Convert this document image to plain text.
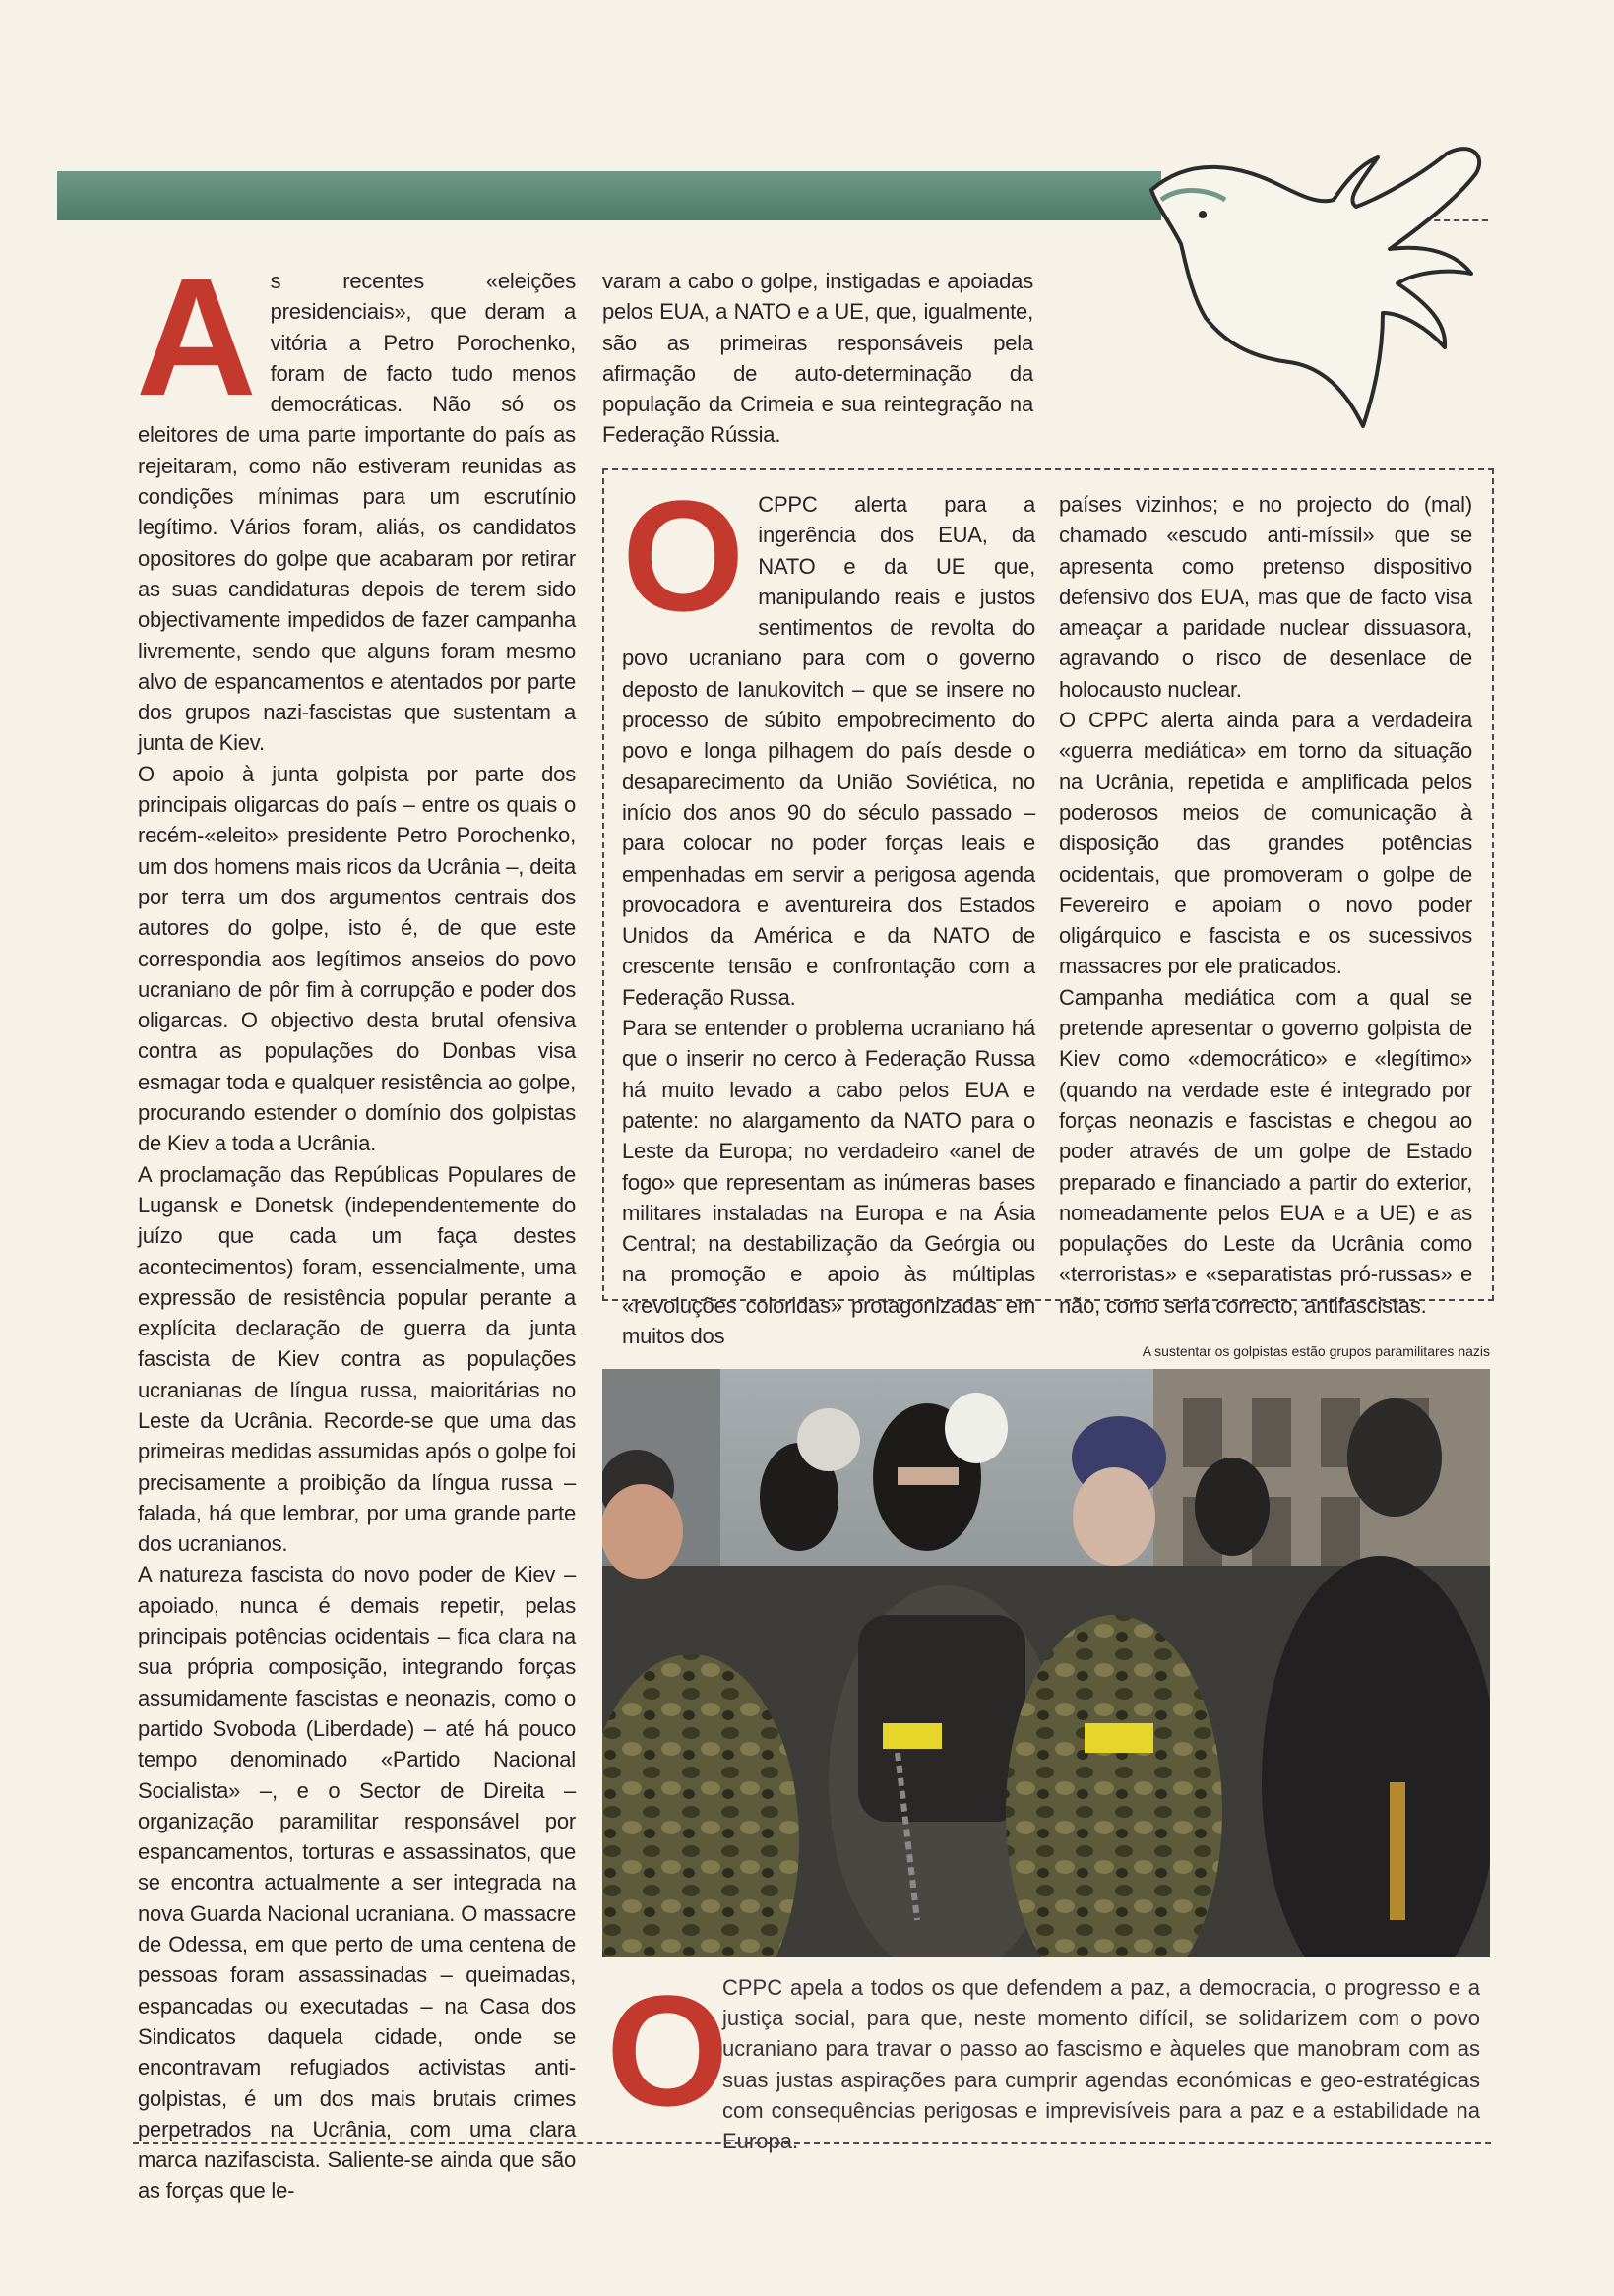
A s recentes «eleições presidenciais», que deram a vitória a Petro Porochenko, foram de facto tudo menos democráticas. Não só os eleitores de uma parte importante do país as rejeitaram, como não estiveram reunidas as condições mínimas para um escrutínio legítimo. Vários foram, aliás, os candidatos opositores do golpe que acabaram por retirar as suas candidaturas depois de terem sido objectivamente impedidos de fazer campanha livremente, sendo que alguns foram mesmo alvo de espancamentos e atentados por parte dos grupos nazi-fascistas que sustentam a junta de Kiev.

O apoio à junta golpista por parte dos principais oligarcas do país – entre os quais o recém-«eleito» presidente Petro Porochenko, um dos homens mais ricos da Ucrânia –, deita por terra um dos argumentos centrais dos autores do golpe, isto é, de que este correspondia aos legítimos anseios do povo ucraniano de pôr fim à corrupção e poder dos oligarcas. O objectivo desta brutal ofensiva contra as populações do Donbas visa esmagar toda e qualquer resistência ao golpe, procurando estender o domínio dos golpistas de Kiev a toda a Ucrânia.

A proclamação das Repúblicas Populares de Lugansk e Donetsk (independentemente do juízo que cada um faça destes acontecimentos) foram, essencialmente, uma expressão de resistência popular perante a explícita declaração de guerra da junta fascista de Kiev contra as populações ucranianas de língua russa, maioritárias no Leste da Ucrânia. Recorde-se que uma das primeiras medidas assumidas após o golpe foi precisamente a proibição da língua russa – falada, há que lembrar, por uma grande parte dos ucranianos.

A natureza fascista do novo poder de Kiev – apoiado, nunca é demais repetir, pelas principais potências ocidentais – fica clara na sua própria composição, integrando forças assumidamente fascistas e neonazis, como o partido Svoboda (Liberdade) – até há pouco tempo denominado «Partido Nacional Socialista» –, e o Sector de Direita – organização paramilitar responsável por espancamentos, torturas e assassinatos, que se encontra actualmente a ser integrada na nova Guarda Nacional ucraniana. O massacre de Odessa, em que perto de uma centena de pessoas foram assassinadas – queimadas, espancadas ou executadas – na Casa dos Sindicatos daquela cidade, onde se encontravam refugiados activistas anti-golpistas, é um dos mais brutais crimes perpetrados na Ucrânia, com uma clara marca nazifascista. Saliente-se ainda que são as forças que le-

varam a cabo o golpe, instigadas e apoiadas pelos EUA, a NATO e a UE, que, igualmente, são as primeiras responsáveis pela afirmação de auto-determinação da população da Crimeia e sua reintegração na Federação Rússia.

O CPPC alerta para a ingerência dos EUA, da NATO e da UE que, manipulando reais e justos sentimentos de revolta do povo ucraniano para com o governo deposto de Ianukovitch – que se insere no processo de súbito empobrecimento do povo e longa pilhagem do país desde o desaparecimento da União Soviética, no início dos anos 90 do século passado – para colocar no poder forças leais e empenhadas em servir a perigosa agenda provocadora e aventureira dos Estados Unidos da América e da NATO de crescente tensão e confrontação com a Federação Russa.

Para se entender o problema ucraniano há que o inserir no cerco à Federação Russa há muito levado a cabo pelos EUA e patente: no alargamento da NATO para o Leste da Europa; no verdadeiro «anel de fogo» que representam as inúmeras bases militares instaladas na Europa e na Ásia Central; na destabilização da Geórgia ou na promoção e apoio às múltiplas «revoluções coloridas» protagonizadas em muitos dos

países vizinhos; e no projecto do (mal) chamado «escudo anti-míssil» que se apresenta como pretenso dispositivo defensivo dos EUA, mas que de facto visa ameaçar a paridade nuclear dissuasora, agravando o risco de desenlace de holocausto nuclear.

O CPPC alerta ainda para a verdadeira «guerra mediática» em torno da situação na Ucrânia, repetida e amplificada pelos poderosos meios de comunicação à disposição das grandes potências ocidentais, que promoveram o golpe de Fevereiro e apoiam o novo poder oligárquico e fascista e os sucessivos massacres por ele praticados.

Campanha mediática com a qual se pretende apresentar o governo golpista de Kiev como «democrático» e «legítimo» (quando na verdade este é integrado por forças neonazis e fascistas e chegou ao poder através de um golpe de Estado preparado e financiado a partir do exterior, nomeadamente pelos EUA e a UE) e as populações do Leste da Ucrânia como «terroristas» e «separatistas pró-russas» e não, como seria correcto, antifascistas.

A sustentar os golpistas estão grupos paramilitares nazis
O

CPPC apela a todos os que defendem a paz, a democracia, o progresso e a justiça social, para que, neste momento difícil, se solidarizem com o povo ucraniano para travar o passo ao fascismo e àqueles que manobram com as suas justas aspirações para cumprir agendas económicas e geo-estratégicas com consequências perigosas e imprevisíveis para a paz e a estabilidade na Europa.
